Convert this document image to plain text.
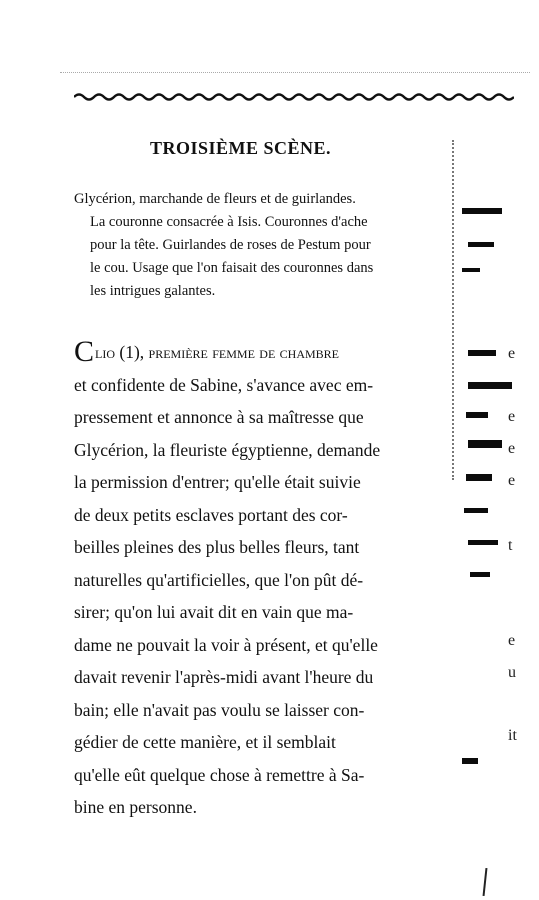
TROISIÈME SCÈNE.
Glycérion, marchande de fleurs et de guirlandes.
La couronne consacrée à Isis. Couronnes d'ache
pour la tête. Guirlandes de roses de Pestum pour
le cou. Usage que l'on faisait des couronnes dans
les intrigues galantes.
Clio (1), première femme de chambre
et confidente de Sabine, s'avance avec em-
pressement et annonce à sa maîtresse que
Glycérion, la fleuriste égyptienne, demande
la permission d'entrer; qu'elle était suivie
de deux petits esclaves portant des cor-
beilles pleines des plus belles fleurs, tant
naturelles qu'artificielles, que l'on pût dé-
sirer; qu'on lui avait dit en vain que ma-
dame ne pouvait la voir à présent, et qu'elle
davait revenir l'après-midi avant l'heure du
bain; elle n'avait pas voulu se laisser con-
gédier de cette manière, et il semblait
qu'elle eût quelque chose à remettre à Sa-
bine en personne.
e
e
e
e
t
e
u
it
